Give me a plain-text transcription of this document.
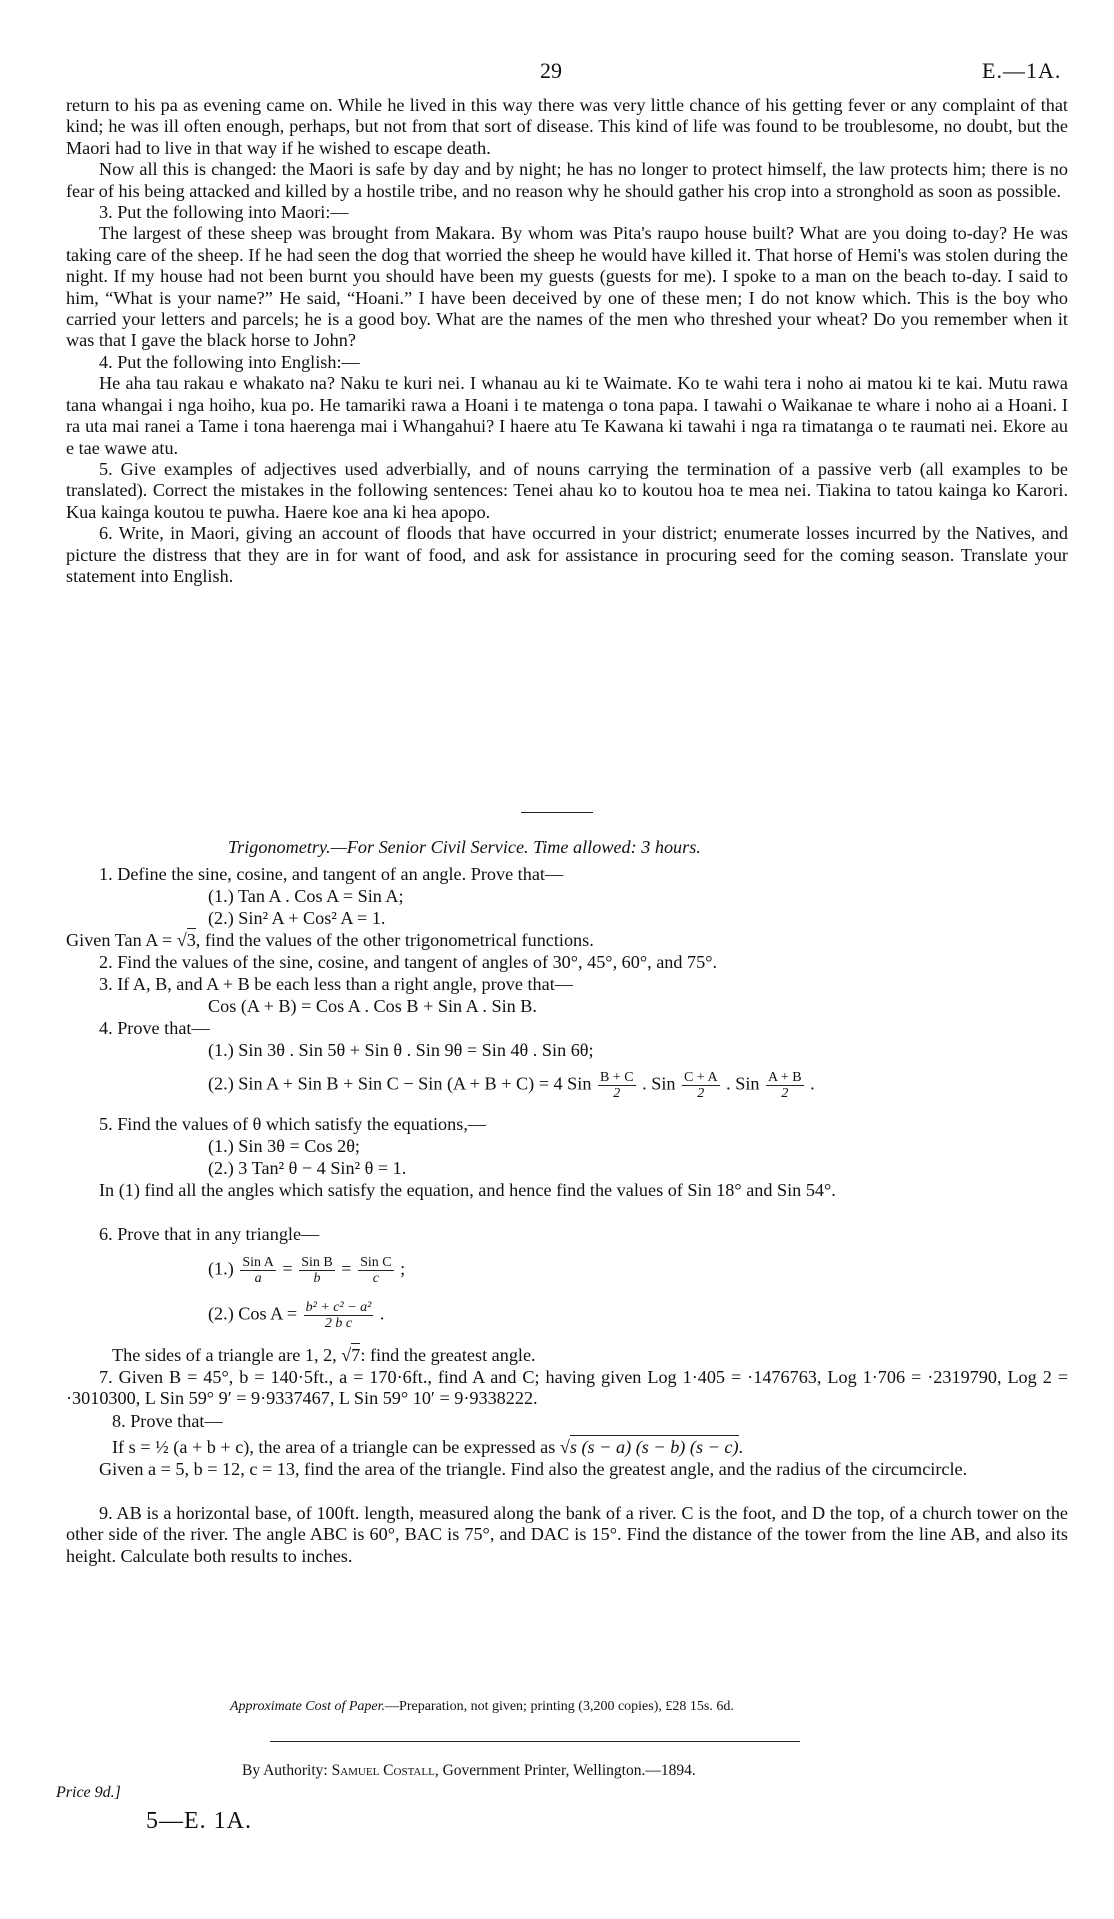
29	E.—1A.

return to his pa as evening came on. While he lived in this way there was very little chance of his getting fever or any complaint of that kind; he was ill often enough, perhaps, but not from that sort of disease. This kind of life was found to be troublesome, no doubt, but the Maori had to live in that way if he wished to escape death.

Now all this is changed: the Maori is safe by day and by night; he has no longer to protect himself, the law protects him; there is no fear of his being attacked and killed by a hostile tribe, and no reason why he should gather his crop into a stronghold as soon as possible.

3. Put the following into Maori:—

The largest of these sheep was brought from Makara. By whom was Pita's raupo house built? What are you doing to-day? He was taking care of the sheep. If he had seen the dog that worried the sheep he would have killed it. That horse of Hemi's was stolen during the night. If my house had not been burnt you should have been my guests (guests for me). I spoke to a man on the beach to-day. I said to him, “What is your name?” He said, “Hoani.” I have been deceived by one of these men; I do not know which. This is the boy who carried your letters and parcels; he is a good boy. What are the names of the men who threshed your wheat? Do you remember when it was that I gave the black horse to John?

4. Put the following into English:—

He aha tau rakau e whakato na? Naku te kuri nei. I whanau au ki te Waimate. Ko te wahi tera i noho ai matou ki te kai. Mutu rawa tana whangai i nga hoiho, kua po. He tamariki rawa a Hoani i te matenga o tona papa. I tawahi o Waikanae te whare i noho ai a Hoani. I ra uta mai ranei a Tame i tona haerenga mai i Whangahui? I haere atu Te Kawana ki tawahi i nga ra timatanga o te raumati nei. Ekore au e tae wawe atu.

5. Give examples of adjectives used adverbially, and of nouns carrying the termination of a passive verb (all examples to be translated). Correct the mistakes in the following sentences: Tenei ahau ko to koutou hoa te mea nei. Tiakina to tatou kainga ko Karori. Kua kainga koutou te puwha. Haere koe ana ki hea apopo.

6. Write, in Maori, giving an account of floods that have occurred in your district; enumerate losses incurred by the Natives, and picture the distress that they are in for want of food, and ask for assistance in procuring seed for the coming season. Translate your statement into English.

Trigonometry.—For Senior Civil Service. Time allowed: 3 hours.
1. Define the sine, cosine, and tangent of an angle. Prove that—
(1.) Tan A . Cos A = Sin A;
(2.) Sin² A + Cos² A = 1.
Given Tan A = √3, find the values of the other trigonometrical functions.
2. Find the values of the sine, cosine, and tangent of angles of 30°, 45°, 60°, and 75°.
3. If A, B, and A + B be each less than a right angle, prove that—
Cos (A + B) = Cos A . Cos B + Sin A . Sin B.
4. Prove that—
(1.) Sin 3θ . Sin 5θ + Sin θ . Sin 9θ = Sin 4θ . Sin 6θ;
(2.) Sin A + Sin B + Sin C − Sin (A + B + C) = 4 Sin $\frac{B + C}{2}$ . Sin $\frac{C + A}{2}$ . Sin $\frac{A + B}{2}$ .
5. Find the values of θ which satisfy the equations,—
(1.) Sin 3θ = Cos 2θ;
(2.) 3 Tan² θ − 4 Sin² θ = 1.

In (1) find all the angles which satisfy the equation, and hence find the values of Sin 18° and Sin 54°.

6. Prove that in any triangle—
$(1.) \frac{\text{Sin A}}{a} = \frac{\text{Sin B}}{b} = \frac{\text{Sin C}}{c}$ ;
(2.) Cos $A = \frac{\text{b² + c² − a²}}{\text{2 b c}}$ .
The sides of a triangle are 1, 2, √7: find the greatest angle.

7. Given B = 45°, b = 140·5ft., a = 170·6ft., find A and C; having given Log 1·405 = ·1476763, Log 1·706 = ·2319790, Log 2 = ·3010300, L Sin 59° 9′ = 9·9337467, L Sin 59° 10′ = 9·9338222.

8. Prove that—
If s = ½ (a + b + c), the area of a triangle can be expressed as √s (s − a) (s − b) (s − c).

Given a = 5, b = 12, c = 13, find the area of the triangle. Find also the greatest angle, and the radius of the circumcircle.

9. AB is a horizontal base, of 100ft. length, measured along the bank of a river. C is the foot, and D the top, of a church tower on the other side of the river. The angle ABC is 60°, BAC is 75°, and DAC is 15°. Find the distance of the tower from the line AB, and also its height. Calculate both results to inches.

Approximate Cost of Paper.—Preparation, not given; printing (3,200 copies), £28 15s. 6d.
By Authority: Samuel Costall, Government Printer, Wellington.—1894.
Price 9d.]
5—E. 1A.
